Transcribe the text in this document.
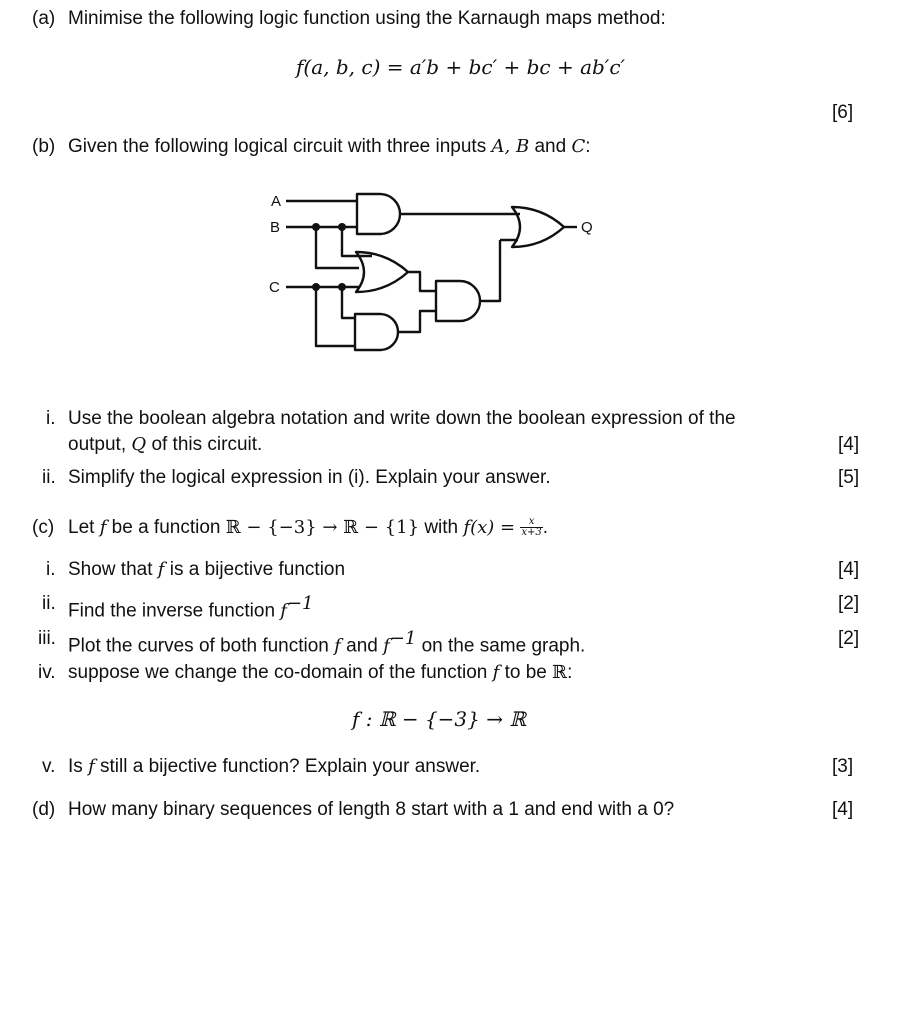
(a) Minimise the following logic function using the Karnaugh maps method:
f(a, b, c) = a′b + bc′ + bc + ab′c′
[6]
(b) Given the following logical circuit with three inputs A, B and C:
A
B
C
Q
i. Use the boolean algebra notation and write down the boolean expression of the
output, Q of this circuit.	[4]
ii. Simplify the logical expression in (i). Explain your answer.	[5]
(c) Let f be a function ℝ − {−3} → ℝ − {1} with $f(x) = \frac{x}{x+3}$ .
i. Show that f is a bijective function	[4]
ii. Find the inverse function $f^{-1}$	[2]
iii. Plot the curves of both function f and $f^{-1}$ on the same graph.	[2]
iv. suppose we change the co-domain of the function f to be ℝ:
f : ℝ − {−3} → ℝ
v. Is f still a bijective function? Explain your answer.	[3]
(d) How many binary sequences of length 8 start with a 1 and end with a 0?	[4]
